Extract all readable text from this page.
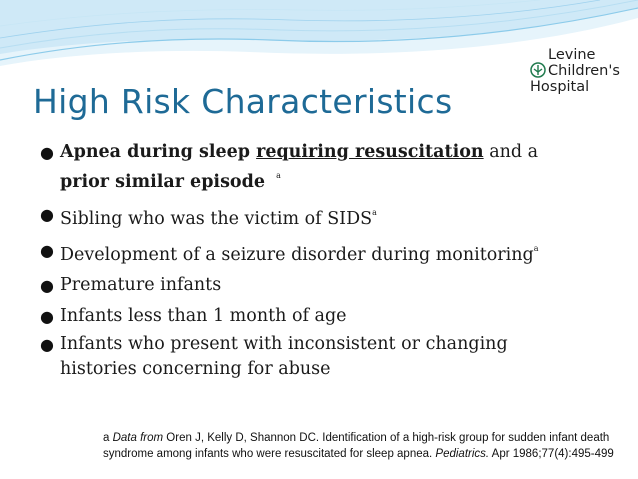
Levine
Children's
Hospital
High Risk Characteristics
● Apnea during sleep requiring resuscitation and a
prior similar episode $^a$
● Sibling who was the victim of SIDS$^a$
● Development of a seizure disorder during monitoring$^a$
● Premature infants
● Infants less than 1 month of age
● Infants who present with inconsistent or changing
histories concerning for abuse

a Data from Oren J, Kelly D, Shannon DC. Identification of a high-risk group for sudden infant death syndrome among infants who were resuscitated for sleep apnea. Pediatrics. Apr 1986;77(4):495-499
